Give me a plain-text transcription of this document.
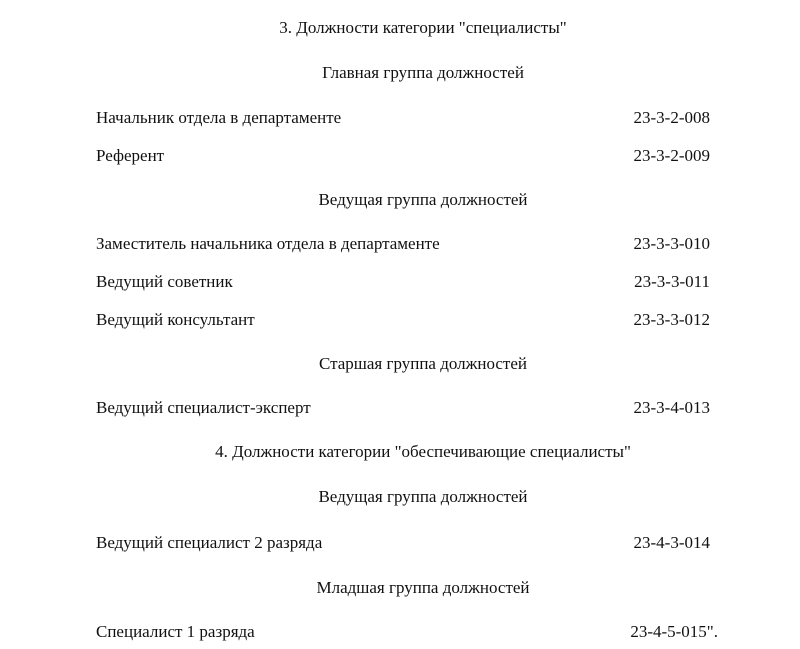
3. Должности категории "специалисты"
Главная группа должностей
Начальник отдела в департаменте	23-3-2-008
Референт	23-3-2-009
Ведущая группа должностей
Заместитель начальника отдела в департаменте	23-3-3-010
Ведущий советник	23-3-3-011
Ведущий консультант	23-3-3-012
Старшая группа должностей
Ведущий специалист-эксперт	23-3-4-013
4. Должности категории "обеспечивающие специалисты"
Ведущая группа должностей
Ведущий специалист 2 разряда	23-4-3-014
Младшая группа должностей
Специалист 1 разряда	23-4-5-015".
